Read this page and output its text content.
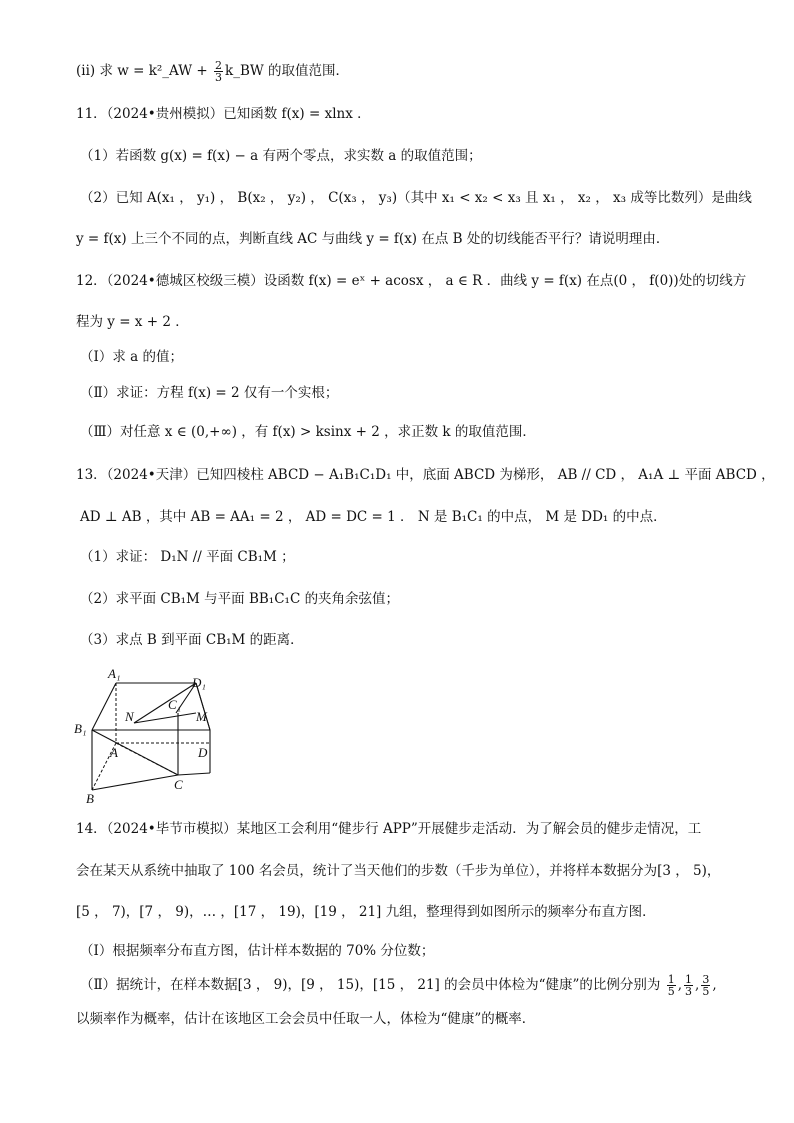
(ii) 求 w = k²_AW + $\frac{2}{3}$ k_BW 的取值范围．
11．（2024•贵州模拟）已知函数 f(x) = xlnx ．
（1）若函数 g(x) = f(x) − a 有两个零点，求实数 a 的取值范围；
（2）已知 A(x₁ ， y₁) ， B(x₂ ， y₂) ， C(x₃ ， y₃)（其中 x₁ < x₂ < x₃ 且 x₁ ， x₂ ， x₃ 成等比数列）是曲线
y = f(x) 上三个不同的点，判断直线 AC 与曲线 y = f(x) 在点 B 处的切线能否平行？请说明理由．
12．（2024•德城区校级三模）设函数 f(x) = eˣ + acosx ， a ∈ R ．曲线 y = f(x) 在点(0 ， f(0))处的切线方
程为 y = x + 2 ．
（Ⅰ）求 a 的值；
（Ⅱ）求证：方程 f(x) = 2 仅有一个实根；
（Ⅲ）对任意 x ∈ (0,+∞) ，有 f(x) > ksinx + 2 ，求正数 k 的取值范围．
13．（2024•天津）已知四棱柱 ABCD − A₁B₁C₁D₁ 中，底面 ABCD 为梯形， AB // CD ， A₁A ⊥ 平面 ABCD ，
AD ⊥ AB ，其中 AB = AA₁ = 2 ， AD = DC = 1 ． N 是 B₁C₁ 的中点， M 是 DD₁ 的中点．
（1）求证： D₁N // 平面 CB₁M ；
（2）求平面 CB₁M 与平面 BB₁C₁C 的夹角余弦值；
（3）求点 B 到平面 CB₁M 的距离．
A₁
D₁
C₁
N	M
B₁
A	D
C
B
14．（2024•毕节市模拟）某地区工会利用“健步行 APP”开展健步走活动．为了解会员的健步走情况，工
会在某天从系统中抽取了 100 名会员，统计了当天他们的步数（千步为单位），并将样本数据分为[3 ， 5)，
[5 ， 7)，[7 ， 9)，… ，[17 ， 19)，[19 ， 21] 九组，整理得到如图所示的频率分布直方图．
（Ⅰ）根据频率分布直方图，估计样本数据的 70% 分位数；
（Ⅱ）据统计，在样本数据[3 ， 9)，[9 ， 15)，[15 ， 21] 的会员中体检为“健康”的比例分别为 $\frac{1}{5}$ , $\frac{1}{3}$ , $\frac{3}{5}$ ,
以频率作为概率，估计在该地区工会会员中任取一人，体检为“健康”的概率．
